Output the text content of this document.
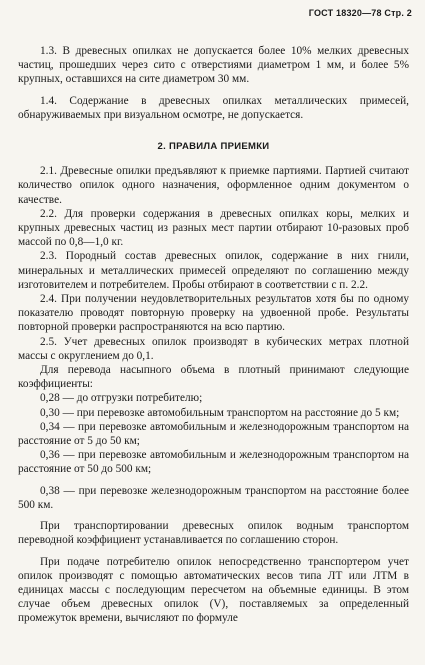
ГОСТ 18320—78 Стр. 2

1.3. В древесных опилках не допускается более 10% мелких древесных частиц, прошедших через сито с отверстиями диаметром 1 мм, и более 5% крупных, оставшихся на сите диаметром 30 мм.

1.4. Содержание в древесных опилках металлических примесей, обнаруживаемых при визуальном осмотре, не допускается.

2. ПРАВИЛА ПРИЕМКИ

2.1. Древесные опилки предъявляют к приемке партиями. Партией считают количество опилок одного назначения, оформленное одним документом о качестве.

2.2. Для проверки содержания в древесных опилках коры, мелких и крупных древесных частиц из разных мест партии отбирают 10-разовых проб массой по 0,8—1,0 кг.

2.3. Породный состав древесных опилок, содержание в них гнили, минеральных и металлических примесей определяют по соглашению между изготовителем и потребителем. Пробы отбирают в соответствии с п. 2.2.

2.4. При получении неудовлетворительных результатов хотя бы по одному показателю проводят повторную проверку на удвоенной пробе. Результаты повторной проверки распространяются на всю партию.

2.5. Учет древесных опилок производят в кубических метрах плотной массы с округлением до 0,1.

Для перевода насыпного объема в плотный принимают следующие коэффициенты:

0,28 — до отгрузки потребителю;

0,30 — при перевозке автомобильным транспортом на расстояние до 5 км;

0,34 — при перевозке автомобильным и железнодорожным транспортом на расстояние от 5 до 50 км;

0,36 — при перевозке автомобильным и железнодорожным транспортом на расстояние от 50 до 500 км;

0,38 — при перевозке железнодорожным транспортом на расстояние более 500 км.

При транспортировании древесных опилок водным транспортом переводной коэффициент устанавливается по соглашению сторон.

При подаче потребителю опилок непосредственно транспортером учет опилок производят с помощью автоматических весов типа ЛТ или ЛТМ в единицах массы с последующим пересчетом на объемные единицы. В этом случае объем древесных опилок (V), поставляемых за определенный промежуток времени, вычисляют по формуле
